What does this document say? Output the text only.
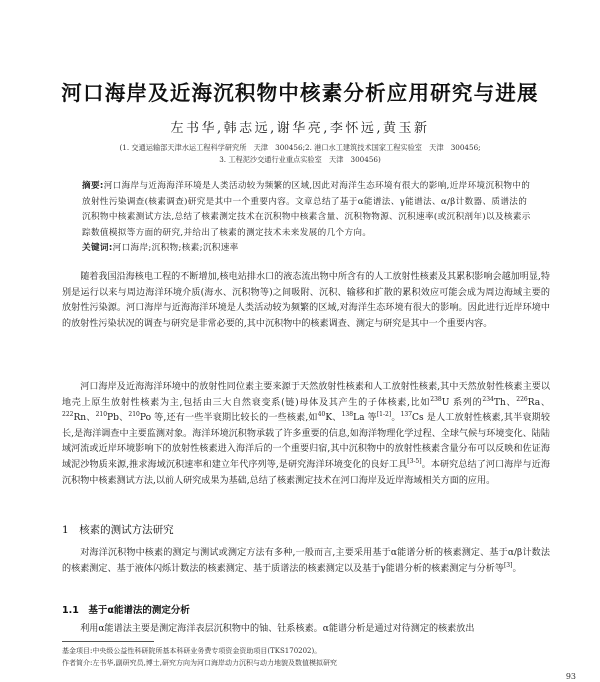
河口海岸及近海沉积物中核素分析应用研究与进展
左书华,韩志远,谢华亮,李怀远,黄玉新
(1. 交通运输部天津水运工程科学研究所　天津　300456;2. 港口水工建筑技术国家工程实验室　天津　300456;
3. 工程泥沙交通行业重点实验室　天津　300456)
摘要:河口海岸与近海海洋环境是人类活动较为频繁的区域,因此对海洋生态环境有很大的影响,近岸环境沉积物中的放射性污染调查(核素调查)研究是其中一个重要内容。文章总结了基于α能谱法、γ能谱法、α/β计数器、质谱法的沉积物中核素测试方法,总结了核素测定技术在沉积物中核素含量、沉积物物源、沉积速率(或沉积剖年)以及核素示踪数值模拟等方面的研究,并给出了核素的测定技术未来发展的几个方向。
关键词:河口海岸;沉积物;核素;沉积速率

随着我国沿海核电工程的不断增加,核电站排水口的液态流出物中所含有的人工放射性核素及其累积影响会越加明显,特别是运行以来与周边海洋环境介质(海水、沉积物等)之间吸附、沉积、输移和扩散的累积效应可能会成为周边海域主要的放射性污染源。河口海岸与近海海洋环境是人类活动较为频繁的区域,对海洋生态环境有很大的影响。因此进行近岸环境中的放射性污染状况的调查与研究是非常必要的,其中沉积物中的核素调查、测定与研究是其中一个重要内容。

河口海岸及近海海洋环境中的放射性同位素主要来源于天然放射性核素和人工放射性核素,其中天然放射性核素主要以地壳上原生放射性核素为主,包括由三大自然衰变系(链)母体及其产生的子体核素,比如$^{238}$U 系列的$^{234}$Th、$^{226}$Ra、$^{222}$Rn、$^{210}$Pb、$^{210}$Po 等,还有一些半衰期比较长的一些核素,如$^{40}$K、$^{138}$La 等[1-2]。$^{137}$Cs 是人工放射性核素,其半衰期较长,是海洋调查中主要监测对象。海洋环境沉积物承载了许多重要的信息,如海洋物理化学过程、全球气候与环境变化、陆陆域河流或近岸环境影响下的放射性核素进入海洋后的一个重要归宿,其中沉积物中的放射性核素含量分布可以反映和佐证海域泥沙物质来源,推求海域沉积速率和建立年代序列等,是研究海洋环境变化的良好工具[3-5]。本研究总结了河口海岸与近海沉积物中核素测试方法,以前人研究成果为基础,总结了核素测定技术在河口海岸及近岸海域相关方面的应用。

1　 核素的测试方法研究

对海洋沉积物中核素的测定与测试或测定方法有多种,一般而言,主要采用基于α能谱分析的核素测定、基于α/β计数法的核素测定、基于液体闪烁计数法的核素测定、基于质谱法的核素测定以及基于γ能谱分析的核素测定与分析等[3]。

1.1　 基于α能谱法的测定分析

利用α能谱法主要是测定海洋表层沉积物中的铀、钍系核素。α能谱分析是通过对待测定的核素放出

基金项目:中央级公益性科研院所基本科研业务费专项资金资助项目(TKS170202)。
作者简介:左书华,副研究员,博士,研究方向为河口海岸动力沉积与动力地貌及数值模拟研究
93
